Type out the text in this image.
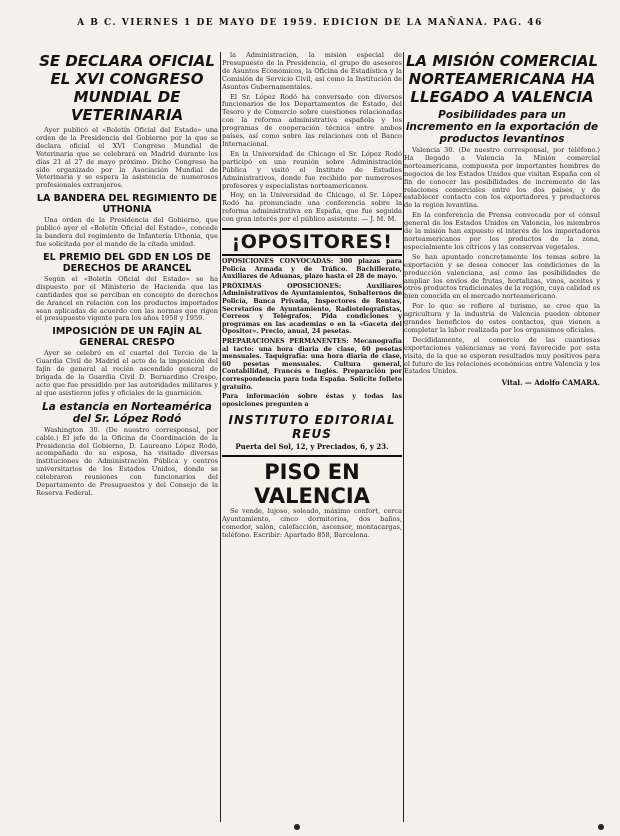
A B C. VIERNES 1 DE MAYO DE 1959. EDICION DE LA MAÑANA. PAG. 46
SE DECLARA OFICIAL EL XVI CONGRESO MUNDIAL DE VETERINARIA

Ayer publicó el «Boletín Oficial del Estado» una orden de la Presidencia del Gobierno por la que se declara oficial el XVI Congreso Mundial de Veterinaria que se celebrará en Madrid durante los días 21 al 27 de mayo próximo. Dicho Congreso ha sido organizado por la Asociación Mundial de Veterinaria y se espera la asistencia de numerosos profesionales extranjeros.

LA BANDERA DEL REGIMIENTO DE UTHONIA

Una orden de la Presidencia del Gobierno, que publicó ayer el «Boletín Oficial del Estado», concede la bandera del regimiento de Infantería Uthonia, que fue solicitada por el mando de la citada unidad.

EL PREMIO DEL GDD EN LOS DE DERECHOS DE ARANCEL

Según el «Boletín Oficial del Estado» se ha dispuesto por el Ministerio de Hacienda que las cantidades que se perciban en concepto de derechos de Arancel en relación con los productos importados sean aplicadas de acuerdo con las normas que rigen el presupuesto vigente para los años 1958 y 1959.

IMPOSICIÓN DE UN FAJÍN AL GENERAL CRESPO

Ayer se celebró en el cuartel del Tercio de la Guardia Civil de Madrid el acto de la imposición del fajín de general al recién ascendido general de brigada de la Guardia Civil D. Bernardino Crespo, acto que fue presidido por las autoridades militares y al que asistieron jefes y oficiales de la guarnición.

La estancia en Norteamérica del Sr. López Rodó

Washington 30. (De nuestro corresponsal, por cable.) El jefe de la Oficina de Coordinación de la Presidencia del Gobierno, D. Laureano López Rodó, acompañado de su esposa, ha visitado diversas instituciones de Administración Pública y centros universitarios de los Estados Unidos, donde se celebraron reuniones con funcionarios del Departamento de Presupuestos y del Consejo de la Reserva Federal.

la Administración, la misión especial de Presupuesto de la Presidencia, el grupo de asesores de Asuntos Económicos, la Oficina de Estadística y la Comisión de Servicio Civil, así como la Institución de Asuntos Gubernamentales.

El Sr. López Rodó ha conversado con diversos funcionarios de los Departamentos de Estado, del Tesoro y de Comercio sobre cuestiones relacionadas con la reforma administrativa española y los programas de cooperación técnica entre ambos países, así como sobre las relaciones con el Banco Internacional.

En la Universidad de Chicago el Sr. López Rodó participó en una reunión sobre Administración Pública y visitó el Instituto de Estudios Administrativos, donde fue recibido por numerosos profesores y especialistas norteamericanos.

Hoy, en la Universidad de Chicago, el Sr. López Rodó ha pronunciado una conferencia sobre la reforma administrativa en España, que fue seguida con gran interés por el público asistente. — J. M. M.

¡OPOSITORES!

OPOSICIONES CONVOCADAS: 300 plazas para Policía Armada y de Tráfico. Bachillerato, Auxiliares de Aduanas, plazo hasta el 28 de mayo.

PRÓXIMAS OPOSICIONES: Auxiliares Administrativos de Ayuntamientos, Subalternos de Policía, Banca Privada, Inspectores de Rentas, Secretarios de Ayuntamiento, Radiotelegrafistas, Correos y Telégrafos. Pida condiciones y programas en las academias o en la «Gaceta del Opositor». Precio, anual, 24 pesetas.

PREPARACIONES PERMANENTES: Mecanografía al tacto: una hora diaria de clase, 60 pesetas mensuales. Taquigrafía: una hora diaria de clase, 60 pesetas mensuales. Cultura general, Contabilidad, Francés e Inglés. Preparación por correspondencia para toda España. Solicite folleto gratuito.

Para información sobre éstas y todas las oposiciones pregunten a

INSTITUTO EDITORIAL REUS
Puerta del Sol, 12, y Preciados, 6, y 23.
PISO EN VALENCIA

Se vende, lujoso, soleado, máximo confort, cerca Ayuntamiento, cinco dormitorios, dos baños, comedor, salón, calefacción, ascensor, montacargas, teléfono. Escribir: Apartado 858, Barcelona.

LA MISIÓN COMERCIAL NORTEAMERICANA HA LLEGADO A VALENCIA
Posibilidades para un incremento en la exportación de productos levantinos

Valencia 30. (De nuestro corresponsal, por teléfono.) Ha llegado a Valencia la Misión comercial norteamericana, compuesta por importantes hombres de negocios de los Estados Unidos que visitan España con el fin de conocer las posibilidades de incremento de las relaciones comerciales entre los dos países, y de establecer contacto con los exportadores y productores de la región levantina.

En la conferencia de Prensa convocada por el cónsul general de los Estados Unidos en Valencia, los miembros de la misión han expuesto el interés de los importadores norteamericanos por los productos de la zona, especialmente los cítricos y las conservas vegetales.

Se han apuntado concretamente los temas sobre la exportación y se desea conocer las condiciones de la producción valenciana, así como las posibilidades de ampliar los envíos de frutas, hortalizas, vinos, aceites y otros productos tradicionales de la región, cuya calidad es bien conocida en el mercado norteamericano.

Por lo que se refiere al turismo, se cree que la agricultura y la industria de Valencia pueden obtener grandes beneficios de estos contactos, que vienen a completar la labor realizada por los organismos oficiales.

Decididamente, el comercio de las cuantiosas exportaciones valencianas se verá favorecido por esta visita, de la que se esperan resultados muy positivos para el futuro de las relaciones económicas entre Valencia y los Estados Unidos.

Vital. — Adolfo CAMARA.
